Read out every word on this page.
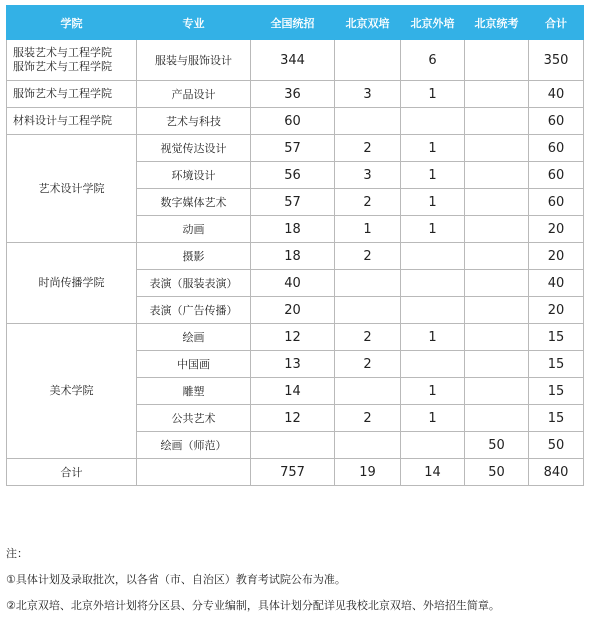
学院	专业	全国统招	北京双培	北京外培	北京统考	合计

服装艺术与工程学院
服饰艺术与工程学院	服装与服饰设计	344		6		350

服饰艺术与工程学院	产品设计	36	3	1		40

材料设计与工程学院	艺术与科技	60				60

艺术设计学院	视觉传达设计	57	2	1		60
	环境设计	56	3	1		60
	数字媒体艺术	57	2	1		60
	动画	18	1	1		20

时尚传播学院	摄影	18	2			20
	表演（服装表演）	40				40
	表演（广告传播）	20				20

美术学院	绘画	12	2	1		15
	中国画	13	2			15
	雕塑	14		1		15
	公共艺术	12	2	1		15
	绘画（师范）				50	50
合计		757	19	14	50	840
注：
①具体计划及录取批次，以各省（市、自治区）教育考试院公布为准。
②北京双培、北京外培计划将分区县、分专业编制，具体计划分配详见我校北京双培、外培招生简章。
